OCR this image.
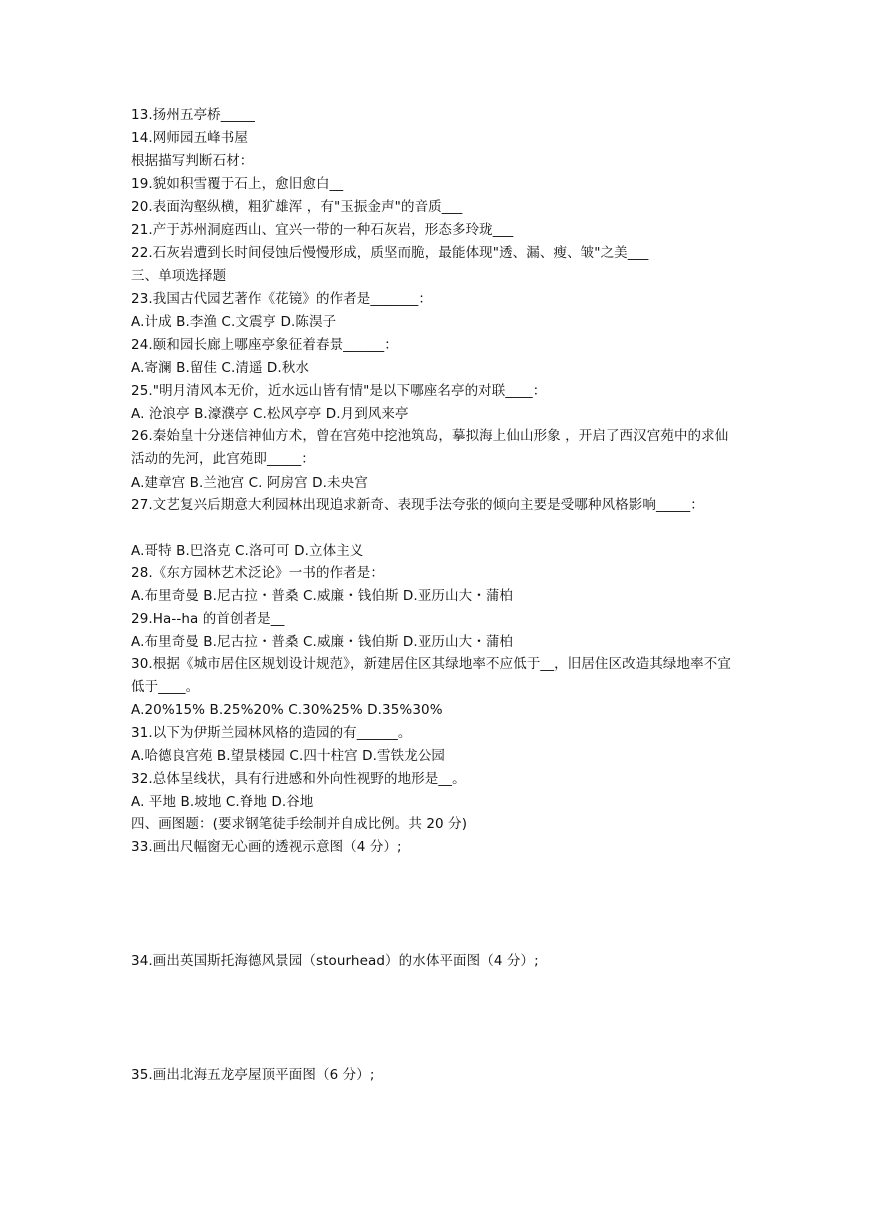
13.扬州五亭桥_____
14.网师园五峰书屋
根据描写判断石材：
19.貌如积雪覆于石上，愈旧愈白__
20.表面沟壑纵横，粗犷雄浑 ，有"玉振金声"的音质___
21.产于苏州洞庭西山、宜兴一带的一种石灰岩，形态多玲珑___
22.石灰岩遭到长时间侵蚀后慢慢形成，质坚而脆，最能体现"透、漏、瘦、皱"之美___
三、单项选择题
23.我国古代园艺著作《花镜》的作者是_______：
A.计成 B.李渔 C.文震亨 D.陈淏子
24.颐和园长廊上哪座亭象征着春景______：
A.寄澜 B.留佳 C.清遥 D.秋水
25."明月清风本无价，近水远山皆有情"是以下哪座名亭的对联____：
A. 沧浪亭 B.濠濮亭 C.松风亭亭 D.月到风来亭
26.秦始皇十分迷信神仙方术，曾在宫苑中挖池筑岛，摹拟海上仙山形象 ，开启了西汉宫苑中的求仙活动的先河，此宫苑即_____：
A.建章宫 B.兰池宫 C. 阿房宫 D.未央宫
27.文艺复兴后期意大利园林出现追求新奇、表现手法夸张的倾向主要是受哪种风格影响_____：
A.哥特 B.巴洛克 C.洛可可 D.立体主义
28.《东方园林艺术泛论》一书的作者是：
A.布里奇曼 B.尼古拉・普桑 C.威廉・钱伯斯 D.亚历山大・蒲柏
29.Ha--ha 的首创者是__
A.布里奇曼 B.尼古拉・普桑 C.威廉・钱伯斯 D.亚历山大・蒲柏
30.根据《城市居住区规划设计规范》，新建居住区其绿地率不应低于__，旧居住区改造其绿地率不宜低于____。
A.20%15% B.25%20% C.30%25% D.35%30%
31.以下为伊斯兰园林风格的造园的有______。
A.哈德良宫苑 B.望景楼园 C.四十柱宫 D.雪铁龙公园
32.总体呈线状，具有行进感和外向性视野的地形是__。
A. 平地 B.坡地 C.脊地 D.谷地
四、画图题：(要求钢笔徒手绘制并自成比例。共 20 分)
33.画出尺幅窗无心画的透视示意图（4 分）;
34.画出英国斯托海德风景园（stourhead）的水体平面图（4 分）;
35.画出北海五龙亭屋顶平面图（6 分）;
